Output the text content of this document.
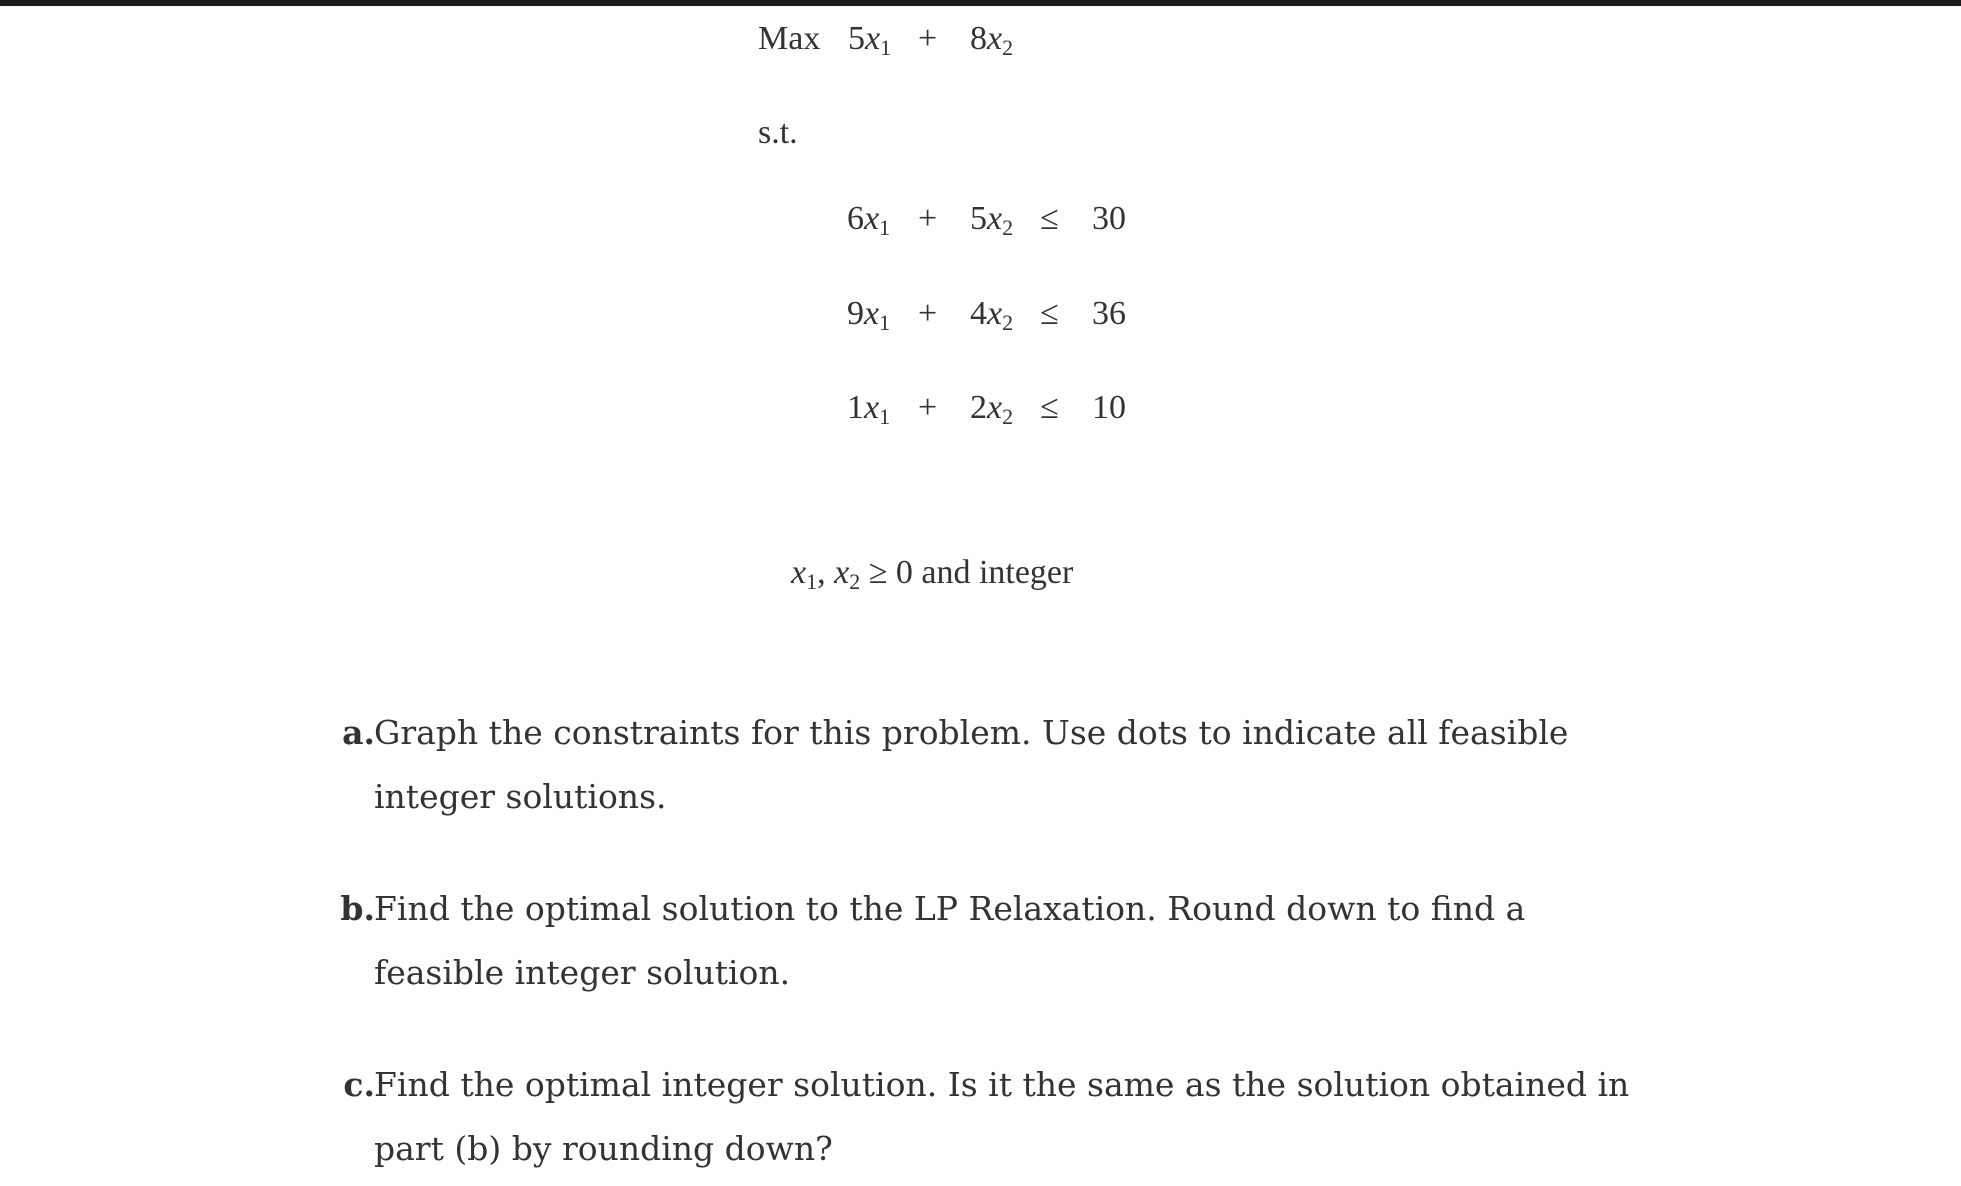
Max $5x_1 + 8x_2$
s.t.
$6x_1 + 5x_2 \le 30$
$9x_1 + 4x_2 \le 36$
$1x_1 + 2x_2 \le 10$
$x_1$, $x_2 \ge 0$ and integer
a. Graph the constraints for this problem. Use dots to indicate all feasible integer solutions.
b. Find the optimal solution to the LP Relaxation. Round down to find a feasible integer solution.
c. Find the optimal integer solution. Is it the same as the solution obtained in part (b) by rounding down?
